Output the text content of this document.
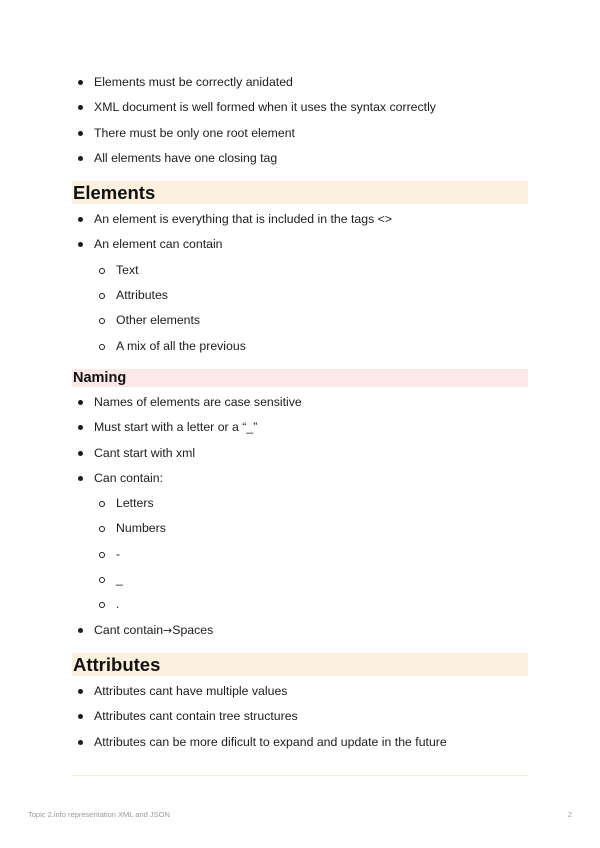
Elements must be correctly anidated
XML document is well formed when it uses the syntax correctly
There must be only one root element
All elements have one closing tag
Elements
An element is everything that is included in the tags <>
An element can contain
Text
Attributes
Other elements
A mix of all the previous
Naming
Names of elements are case sensitive
Must start with a letter or a “_”
Cant start with xml
Can contain:
Letters
Numbers
-
_
.
Cant contain→Spaces
Attributes
Attributes cant have multiple values
Attributes cant contain tree structures
Attributes can be more dificult to expand and update in the future
Topic 2.info representation XML and JSON	2
